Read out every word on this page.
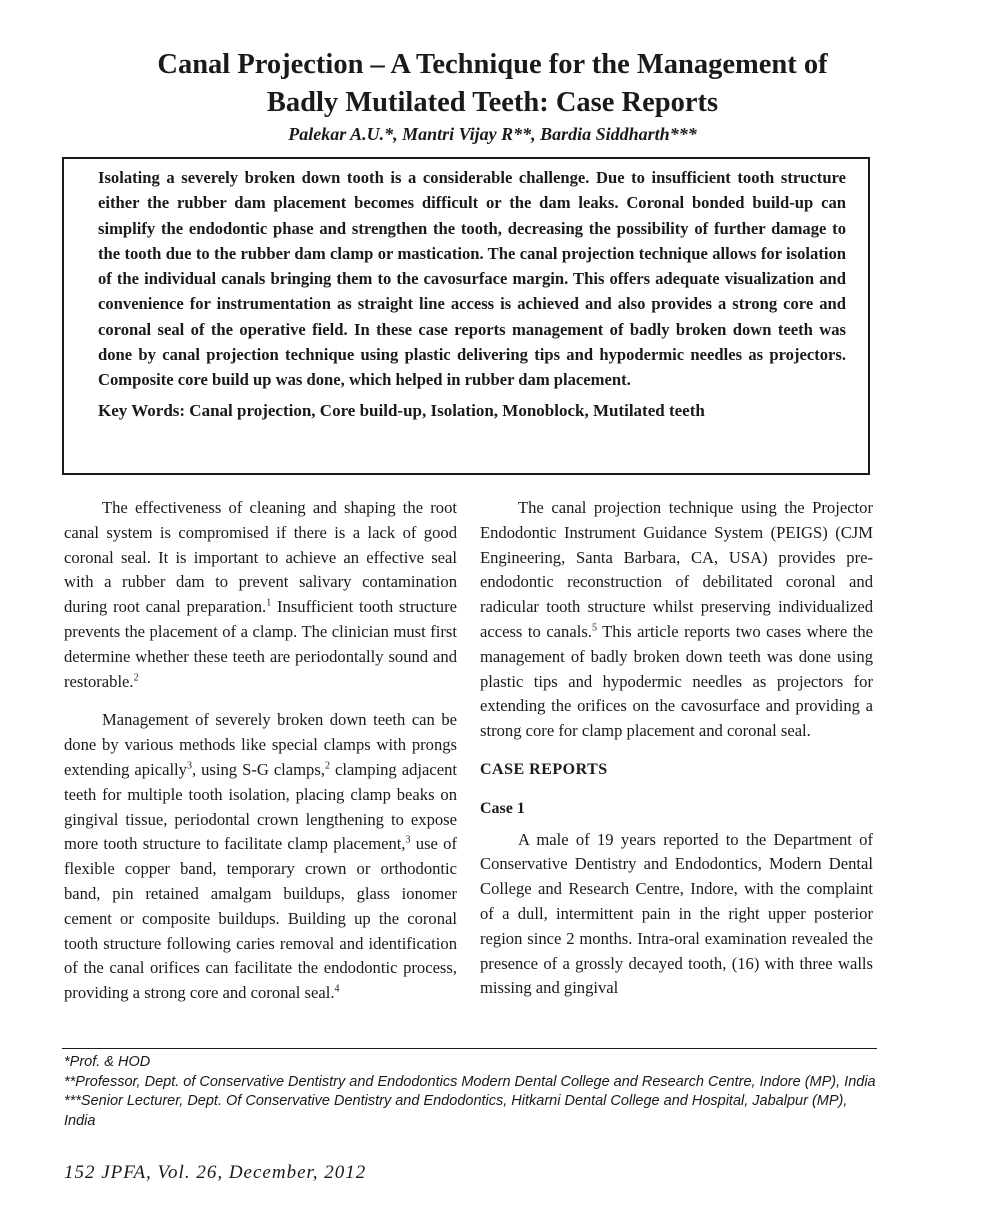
Canal Projection – A Technique for the Management of
Badly Mutilated Teeth: Case Reports
Palekar A.U.*, Mantri Vijay R**, Bardia Siddharth***

Isolating a severely broken down tooth is a considerable challenge. Due to insufficient tooth structure either the rubber dam placement becomes difficult or the dam leaks. Coronal bonded build-up can simplify the endodontic phase and strengthen the tooth, decreasing the possibility of further damage to the tooth due to the rubber dam clamp or mastication. The canal projection technique allows for isolation of the individual canals bringing them to the cavosurface margin. This offers adequate visualization and convenience for instrumentation as straight line access is achieved and also provides a strong core and coronal seal of the operative field. In these case reports management of badly broken down teeth was done by canal projection technique using plastic delivering tips and hypodermic needles as projectors. Composite core build up was done, which helped in rubber dam placement.

Key Words: Canal projection, Core build-up, Isolation, Monoblock, Mutilated teeth

The effectiveness of cleaning and shaping the root canal system is compromised if there is a lack of good coronal seal. It is important to achieve an effective seal with a rubber dam to prevent salivary contamination during root canal preparation.$^1$ Insufficient tooth structure prevents the placement of a clamp. The clinician must first determine whether these teeth are periodontally sound and restorable.$^2$

Management of severely broken down teeth can be done by various methods like special clamps with prongs extending apically$^3$, using S-G clamps,$^2$ clamping adjacent teeth for multiple tooth isolation, placing clamp beaks on gingival tissue, periodontal crown lengthening to expose more tooth structure to facilitate clamp placement,$^3$ use of flexible copper band, temporary crown or orthodontic band, pin retained amalgam buildups, glass ionomer cement or composite buildups. Building up the coronal tooth structure following caries removal and identification of the canal orifices can facilitate the endodontic process, providing a strong core and coronal seal.$^4$

The canal projection technique using the Projector Endodontic Instrument Guidance System (PEIGS) (CJM Engineering, Santa Barbara, CA, USA) provides pre-endodontic reconstruction of debilitated coronal and radicular tooth structure whilst preserving individualized access to canals.$^5$ This article reports two cases where the management of badly broken down teeth was done using plastic tips and hypodermic needles as projectors for extending the orifices on the cavosurface and providing a strong core for clamp placement and coronal seal.

CASE REPORTS

Case 1

A male of 19 years reported to the Department of Conservative Dentistry and Endodontics, Modern Dental College and Research Centre, Indore, with the complaint of a dull, intermittent pain in the right upper posterior region since 2 months. Intra-oral examination revealed the presence of a grossly decayed tooth, (16) with three walls missing and gingival

*Prof. & HOD
**Professor, Dept. of Conservative Dentistry and Endodontics Modern Dental College and Research Centre, Indore (MP), India
***Senior Lecturer, Dept. Of Conservative Dentistry and Endodontics, Hitkarni Dental College and Hospital, Jabalpur (MP), India
152 JPFA, Vol. 26, December, 2012
